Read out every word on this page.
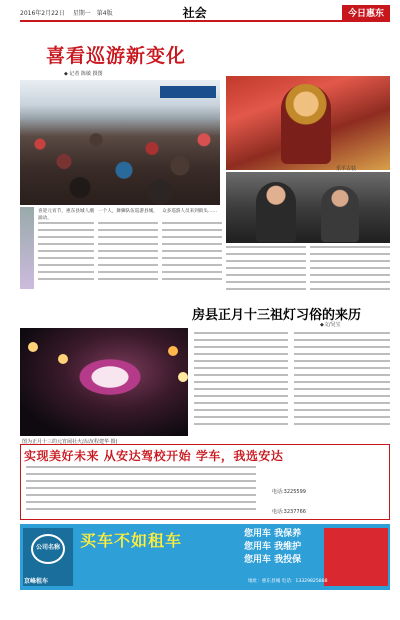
2016年2月22日 星期一 第4版	社会	今日惠东
喜看巡游新变化
◆ 记者 陈敏 摄图
乐平古装
喜迎元宵节，惠东县城人潮涌动，
一个人，舞狮队伍巡游县城， 众多巡游人员来到街头……
房县正月十三祖灯习俗的来历
◆文/吴宝
图为正月十三的元宵闹社火活动(程建华 摄)
实现美好未来 从安达驾校开始 学车，我选安达
电话:3225599
电话:3237766
公司名称
京峰租车
买车不如租车	您用车 我保养
您用车 我维护
您用车 我投保
地址：惠东县城 电话：13329825888
